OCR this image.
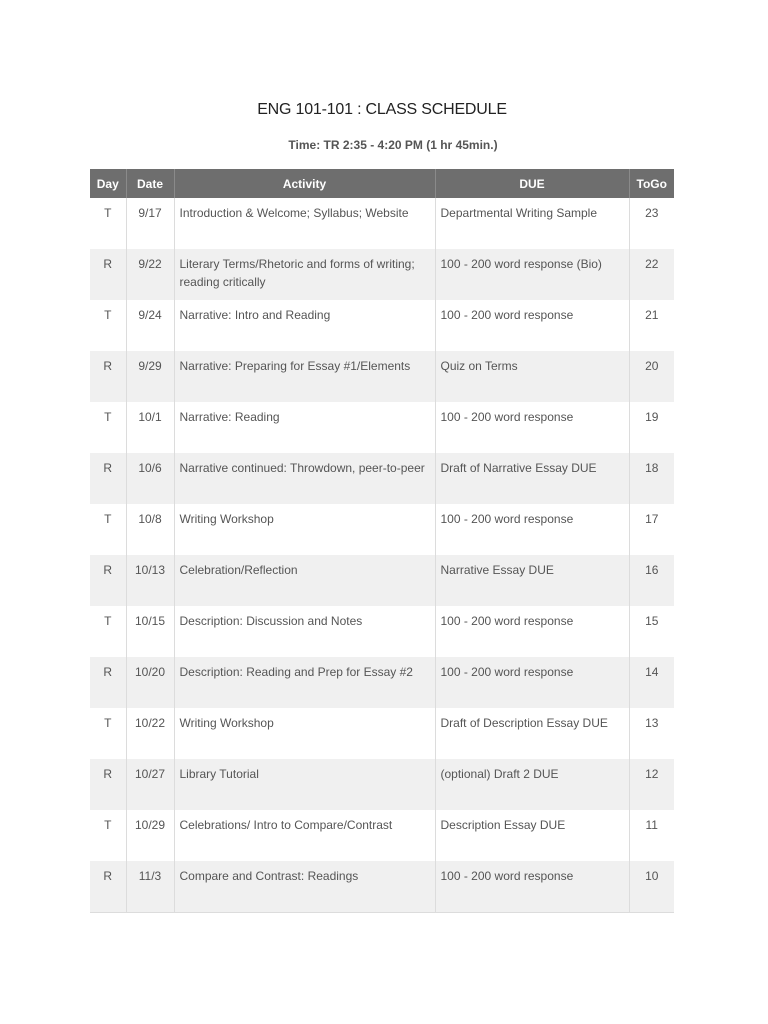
ENG 101-101 : CLASS SCHEDULE
Time: TR 2:35 - 4:20 PM (1 hr 45min.)
Day	Date	Activity	DUE	ToGo
T	9/17	Introduction & Welcome; Syllabus; Website	Departmental Writing Sample	23
R	9/22	Literary Terms/Rhetoric and forms of writing; reading critically	100 - 200 word response (Bio)	22
T	9/24	Narrative: Intro and Reading	100 - 200 word response	21
R	9/29	Narrative: Preparing for Essay #1/Elements	Quiz on Terms	20
T	10/1	Narrative: Reading	100 - 200 word response	19
R	10/6	Narrative continued: Throwdown, peer-to-peer	Draft of Narrative Essay DUE	18
T	10/8	Writing Workshop	100 - 200 word response	17
R	10/13	Celebration/Reflection	Narrative Essay DUE	16
T	10/15	Description: Discussion and Notes	100 - 200 word response	15
R	10/20	Description: Reading and Prep for Essay #2	100 - 200 word response	14
T	10/22	Writing Workshop	Draft of Description Essay DUE	13
R	10/27	Library Tutorial	(optional) Draft 2 DUE	12
T	10/29	Celebrations/ Intro to Compare/Contrast	Description Essay DUE	11
R	11/3	Compare and Contrast: Readings	100 - 200 word response	10
